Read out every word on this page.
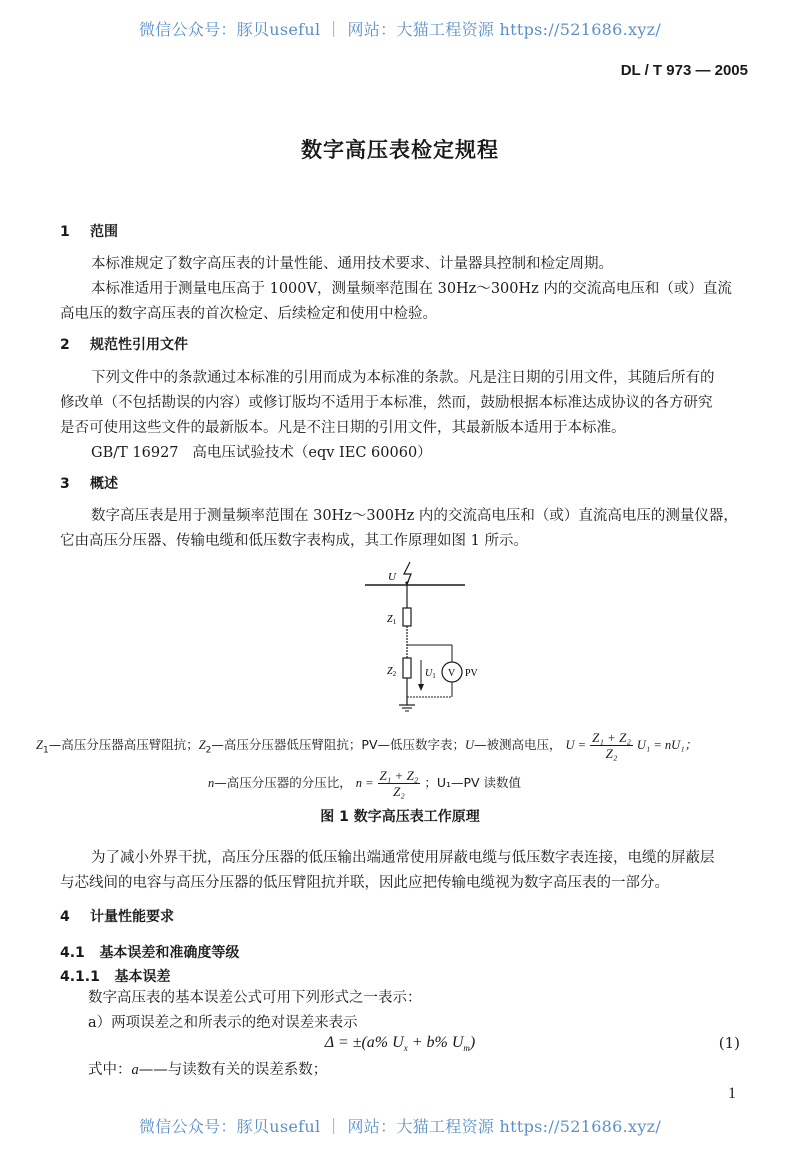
微信公众号：豚贝useful ｜ 网站：大猫工程资源 https://521686.xyz/
DL / T 973 — 2005
数字高压表检定规程
1 范围
本标准规定了数字高压表的计量性能、通用技术要求、计量器具控制和检定周期。
本标准适用于测量电压高于 1000V，测量频率范围在 30Hz～300Hz 内的交流高电压和（或）直流
高电压的数字高压表的首次检定、后续检定和使用中检验。
2 规范性引用文件
下列文件中的条款通过本标准的引用而成为本标准的条款。凡是注日期的引用文件，其随后所有的
修改单（不包括勘误的内容）或修订版均不适用于本标准，然而，鼓励根据本标准达成协议的各方研究
是否可使用这些文件的最新版本。凡是不注日期的引用文件，其最新版本适用于本标准。
GB/T 16927 高电压试验技术（eqv IEC 60060）
3 概述
数字高压表是用于测量频率范围在 30Hz～300Hz 内的交流高电压和（或）直流高电压的测量仪器，
它由高压分压器、传输电缆和低压数字表构成，其工作原理如图 1 所示。
U
$Z_1$
$Z_2$	$U_1$ V PV
$Z_1—$高压分压器高压臂阻抗；$Z_2—$高压分压器低压臂阻抗；PV—低压数字表；U—被测高电压， $U = \frac{\text{Z₁ + Z₂}}{\text{Z₂}} U_1 = nU_1$；
n—高压分压器的分压比， $n = \frac{\text{Z₁ + Z₂}}{\text{Z₂}}$ ；U₁—PV 读数值
图 1 数字高压表工作原理
为了减小外界干扰，高压分压器的低压输出端通常使用屏蔽电缆与低压数字表连接，电缆的屏蔽层
与芯线间的电容与高压分压器的低压臂阻抗并联，因此应把传输电缆视为数字高压表的一部分。
4 计量性能要求
4.1 基本误差和准确度等级
4.1.1 基本误差
数字高压表的基本误差公式可用下列形式之一表示：
a）两项误差之和所表示的绝对误差来表示
Δ = ±(a% $U_x + b\%$ $U_m$)	(1)
式中：a——与读数有关的误差系数；
1
微信公众号：豚贝useful ｜ 网站：大猫工程资源 https://521686.xyz/
